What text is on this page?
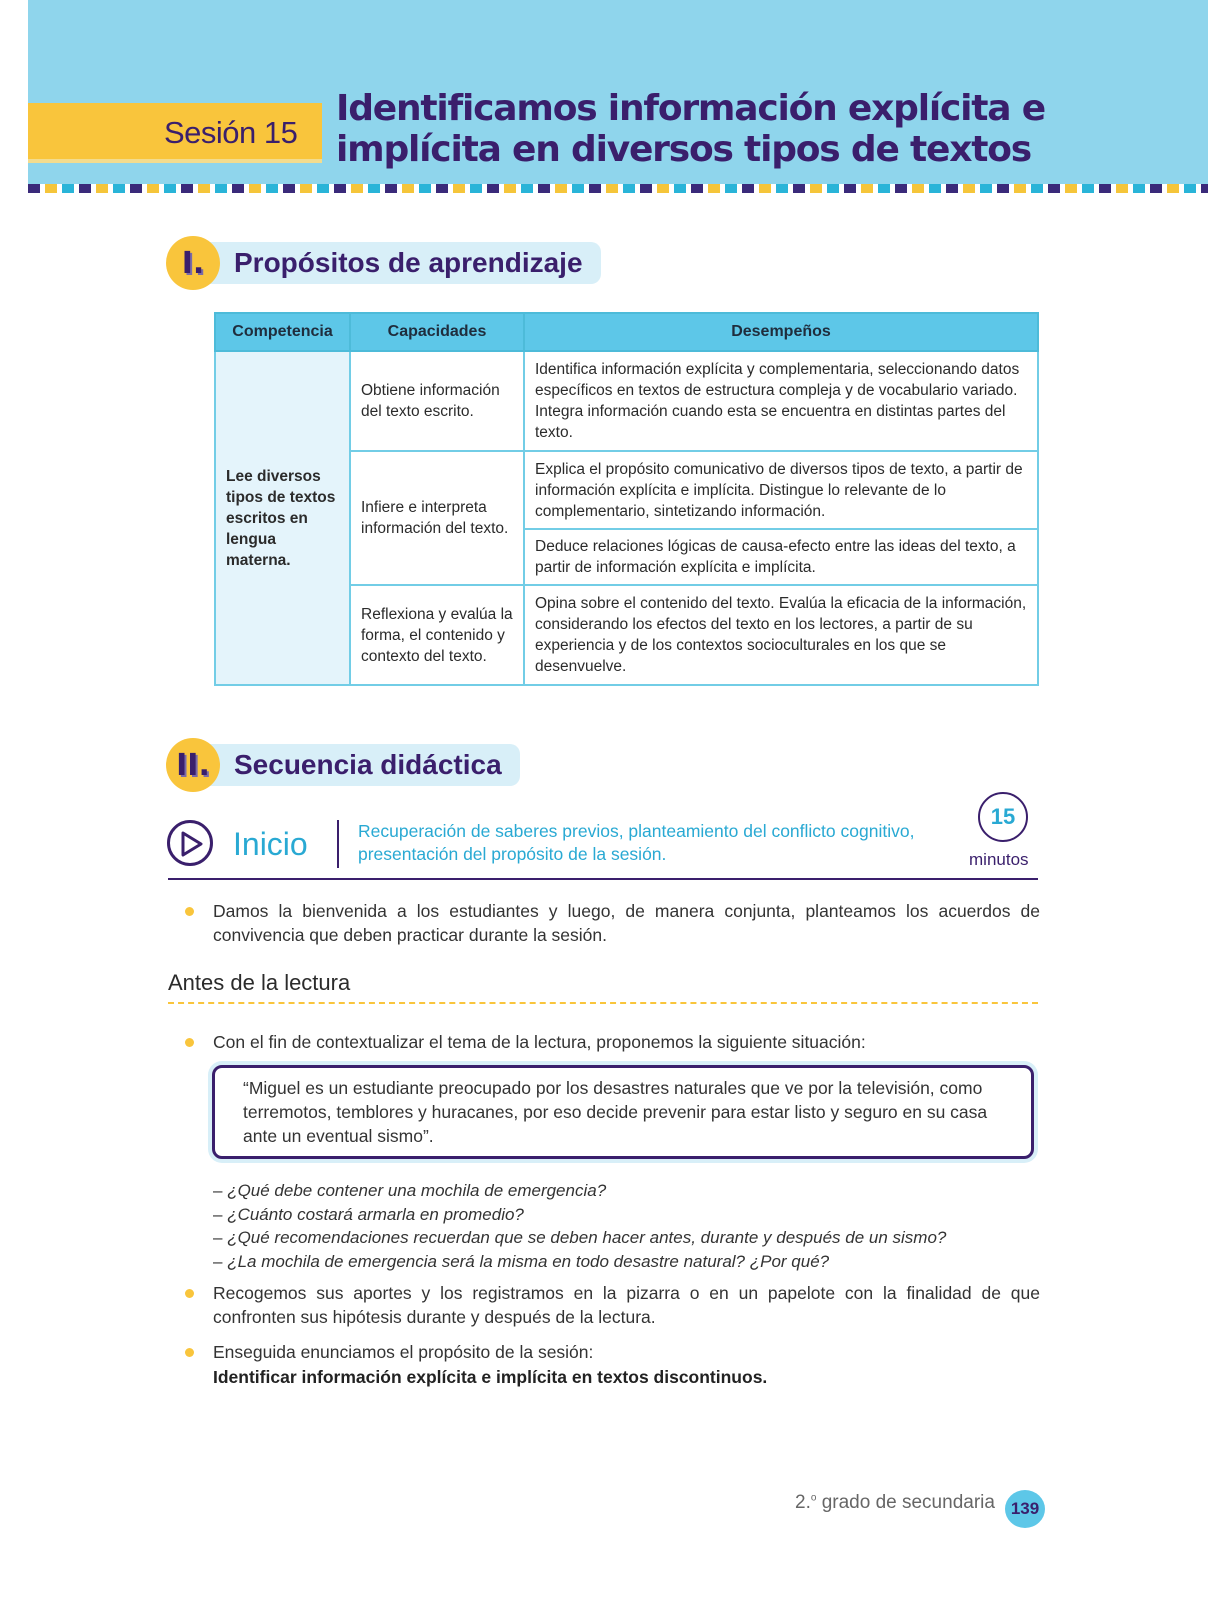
Sesión 15
Identificamos información explícita e
implícita en diversos tipos de textos
I.	Propósitos de aprendizaje
Competencia	Capacidades	Desempeños
Lee diversos tipos de textos escritos en lengua materna.	Obtiene información del texto escrito.	Identifica información explícita y complementaria, seleccionando datos específicos en textos de estructura compleja y de vocabulario variado. Integra información cuando esta se encuentra en distintas partes del texto.
	Infiere e interpreta información del texto.	Explica el propósito comunicativo de diversos tipos de texto, a partir de información explícita e implícita. Distingue lo relevante de lo complementario, sintetizando información.
		Deduce relaciones lógicas de causa-efecto entre las ideas del texto, a partir de información explícita e implícita.
	Reflexiona y evalúa la forma, el contenido y contexto del texto.	Opina sobre el contenido del texto. Evalúa la eficacia de la información, considerando los efectos del texto en los lectores, a partir de su experiencia y de los contextos socioculturales en los que se desenvuelve.
II. Secuencia didáctica
Inicio	Recuperación de saberes previos, planteamiento del conflicto cognitivo, presentación del propósito de la sesión.
15
minutos

Damos la bienvenida a los estudiantes y luego, de manera conjunta, planteamos los acuerdos de convivencia que deben practicar durante la sesión.

Antes de la lectura

Con el fin de contextualizar el tema de la lectura, proponemos la siguiente situación:

“Miguel es un estudiante preocupado por los desastres naturales que ve por la televisión, como terremotos, temblores y huracanes, por eso decide prevenir para estar listo y seguro en su casa ante un eventual sismo”.
– ¿Qué debe contener una mochila de emergencia?
– ¿Cuánto costará armarla en promedio?
– ¿Qué recomendaciones recuerdan que se deben hacer antes, durante y después de un sismo?
– ¿La mochila de emergencia será la misma en todo desastre natural? ¿Por qué?

Recogemos sus aportes y los registramos en la pizarra o en un papelote con la finalidad de que confronten sus hipótesis durante y después de la lectura.

Enseguida enunciamos el propósito de la sesión:

Identificar información explícita e implícita en textos discontinuos.
2.$^o$ grado de secundaria 139
